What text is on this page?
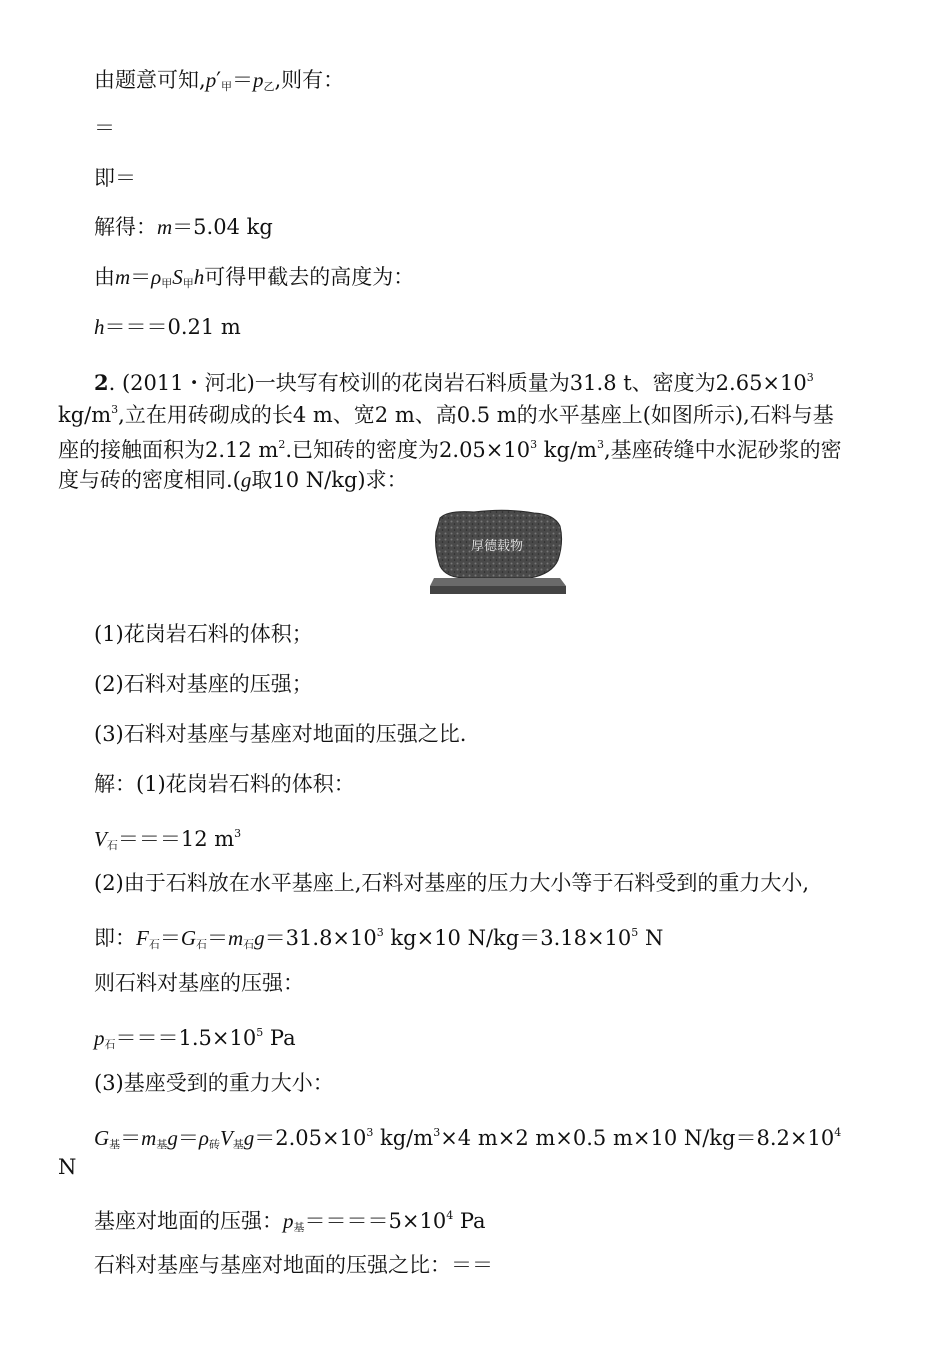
由题意可知$,p'_甲=p_乙$,则有：
＝
即＝
解得：m＝5.04 kg
由$m=\rho_甲S_甲h$可得甲截去的高度为：
h＝＝＝0.21 m
2. (2011・河北)一块写有校训的花岗岩石料质量为31.8 t、密度为$2.65\times 10^3$
$kg/m^3$,立在用砖砌成的长4 m、宽2 m、高0.5 m的水平基座上(如图所示),石料与基
座的接触面积为2.12 $m^2$.已知砖的密度为$2.05\times 10^3$ $kg/m^3$,基座砖缝中水泥砂浆的密
度与砖的密度相同.(g取10 N/kg)求：
厚德载物
(1)花岗岩石料的体积；
(2)石料对基座的压强；
(3)石料对基座与基座对地面的压强之比.
解：(1)花岗岩石料的体积：
$V_石===12$ $m^3$
(2)由于石料放在水平基座上,石料对基座的压力大小等于石料受到的重力大小,
即：$F_石=G_石=m_石g=31.8\times 10^3$ kg×10 $N/kg=3.18\times 10^5$ N
则石料对基座的压强：
$p_石===1.5\times 10^5$ Pa
(3)基座受到的重力大小：
$G_基=m_基g=\rho_砖V_基g=2.05\times 10^3$ $kg/m^3\times 4$ m×2 m×0.5 m×10 $N/kg=8.2\times 10^4$
N
基座对地面的压强：$p_基====5\times 10^4$ Pa
石料对基座与基座对地面的压强之比：＝＝
